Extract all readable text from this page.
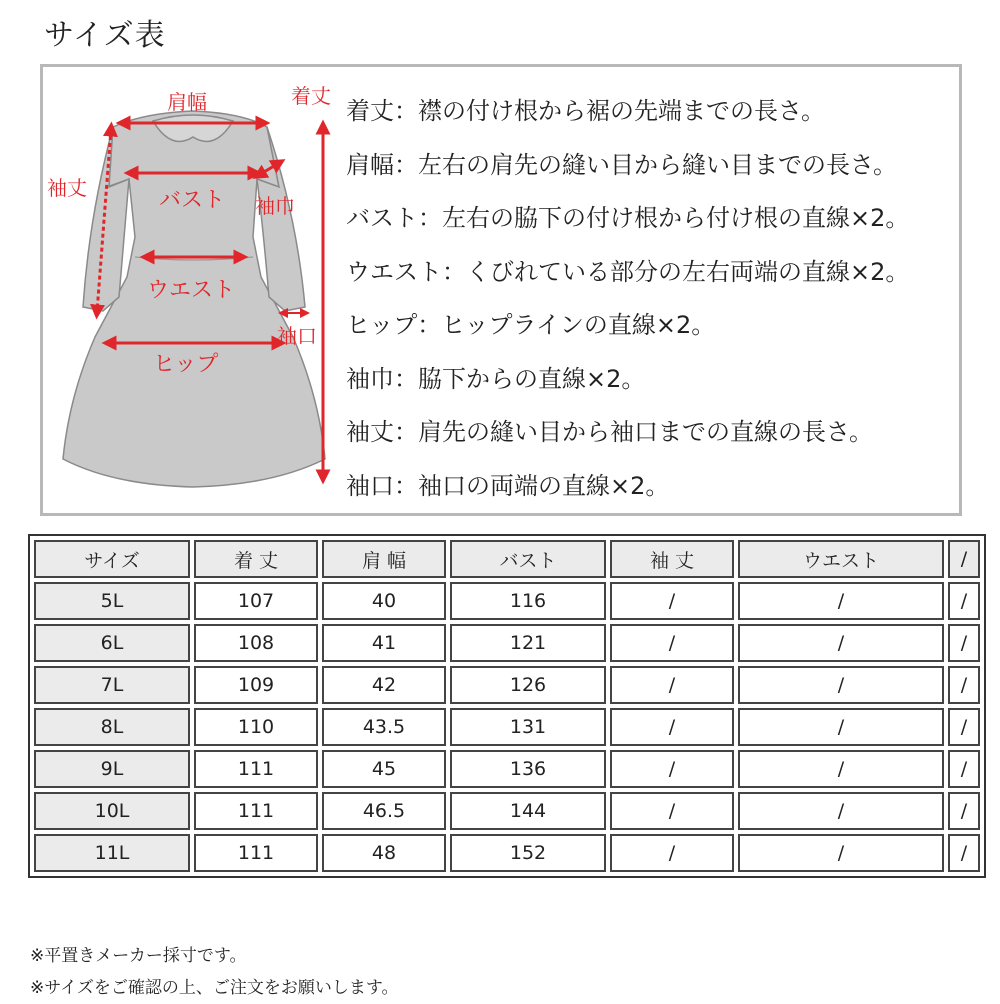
サイズ表
肩幅	着丈
袖丈	バスト 袖巾
ウエスト
袖口
ヒップ
着丈：襟の付け根から裾の先端までの長さ。
肩幅：左右の肩先の縫い目から縫い目までの長さ。
バスト：左右の脇下の付け根から付け根の直線×2。
ウエスト：くびれている部分の左右両端の直線×2。
ヒップ：ヒップラインの直線×2。
袖巾：脇下からの直線×2。
袖丈：肩先の縫い目から袖口までの直線の長さ。
袖口：袖口の両端の直線×2。
サイズ	着 丈	肩 幅	バスト	袖 丈	ウエスト	/
5L	107	40	116	/	/	/
6L	108	41	121	/	/	/
7L	109	42	126	/	/	/
8L	110	43.5	131	/	/	/
9L	111	45	136	/	/	/
10L	111	46.5	144	/	/	/
11L	111	48	152	/	/	/
※平置きメーカー採寸です。
※サイズをご確認の上、ご注文をお願いします。
